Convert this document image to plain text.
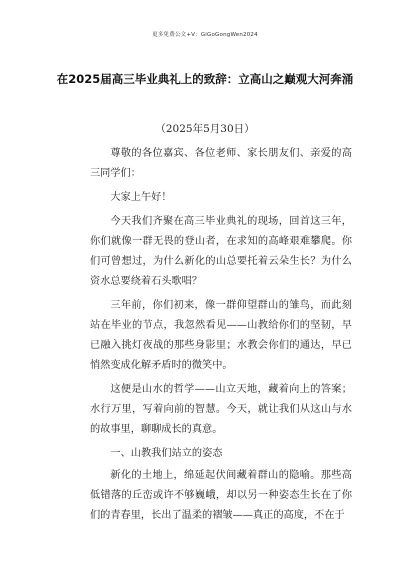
更多免费公文+V：GiGoGongWen2024
在2025届高三毕业典礼上的致辞：立高山之巅观大河奔涌
（2025年5月30日）

尊敬的各位嘉宾、各位老师、家长朋友们、亲爱的高三同学们：

大家上午好！

今天我们齐聚在高三毕业典礼的现场，回首这三年，你们就像一群无畏的登山者，在求知的高峰艰难攀爬。你们可曾想过，为什么新化的山总要托着云朵生长？为什么资水总要绕着石头歌唱？

三年前，你们初来，像一群仰望群山的雏鸟，而此刻站在毕业的节点，我忽然看见——山教给你们的坚韧，早已融入挑灯夜战的那些身影里；水教会你们的通达，早已悄然变成化解矛盾时的微笑中。

这便是山水的哲学——山立天地，藏着向上的答案；水行万里，写着向前的智慧。今天，就让我们从这山与水的故事里，聊聊成长的真意。

一、山教我们站立的姿态

新化的土地上，绵延起伏间藏着群山的隐喻。那些高低错落的丘峦或许不够巍峨，却以另一种姿态生长在了你们的青春里，长出了温柔的褶皱——真正的高度，不在于
